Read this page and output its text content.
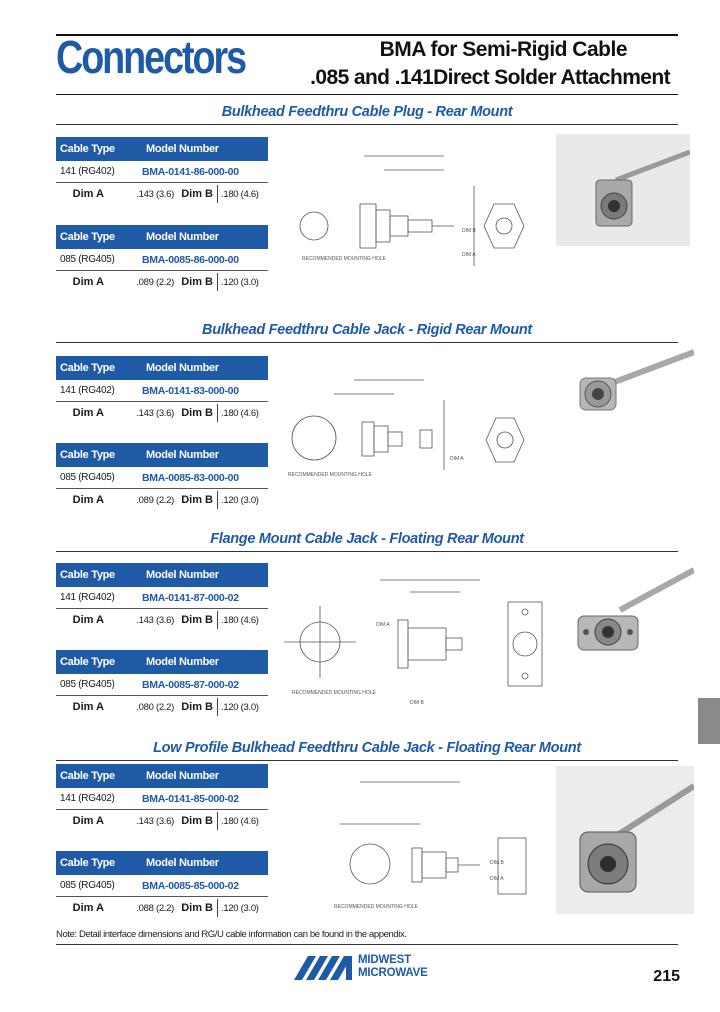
Connectors	BMA for Semi-Rigid Cable
.085 and .141Direct Solder Attachment
Bulkhead Feedthru Cable Plug - Rear Mount
Cable Type	Model Number
141 (RG402)	BMA-0141-86-000-00
Dim A	.143 (3.6) Dim B .180 (4.6)
Cable Type	Model Number
085 (RG405)	BMA-0085-86-000-00
Dim A	.089 (2.2) Dim B .120 (3.0)
RECOMMENDED MOUNTING HOLE
DIM B
DIM A
Bulkhead Feedthru Cable Jack - Rigid Rear Mount
Cable Type	Model Number
141 (RG402)	BMA-0141-83-000-00
Dim A	.143 (3.6) Dim B .180 (4.6)
Cable Type	Model Number
085 (RG405)	BMA-0085-83-000-00
Dim A	.089 (2.2) Dim B .120 (3.0)
RECOMMENDED MOUNTING HOLE
DIM A
Flange Mount Cable Jack - Floating Rear Mount
Cable Type	Model Number
141 (RG402)	BMA-0141-87-000-02
Dim A	.143 (3.6) Dim B .180 (4.6)
Cable Type	Model Number
085 (RG405)	BMA-0085-87-000-02
Dim A	.080 (2.2) Dim B .120 (3.0)
RECOMMENDED MOUNTING HOLE
DIM B
DIM A
Low Profile Bulkhead Feedthru Cable Jack - Floating Rear Mount
Cable Type	Model Number
141 (RG402)	BMA-0141-85-000-02
Dim A	.143 (3.6) Dim B .180 (4.6)
Cable Type	Model Number
085 (RG405)	BMA-0085-85-000-02
Dim A	.088 (2.2) Dim B .120 (3.0)	RECOMMENDED MOUNTING HOLE
DIM B
DIM A
Note: Detail interface dimensions and RG/U cable information can be found in the appendix.
MIDWEST
MICROWAVE	215
